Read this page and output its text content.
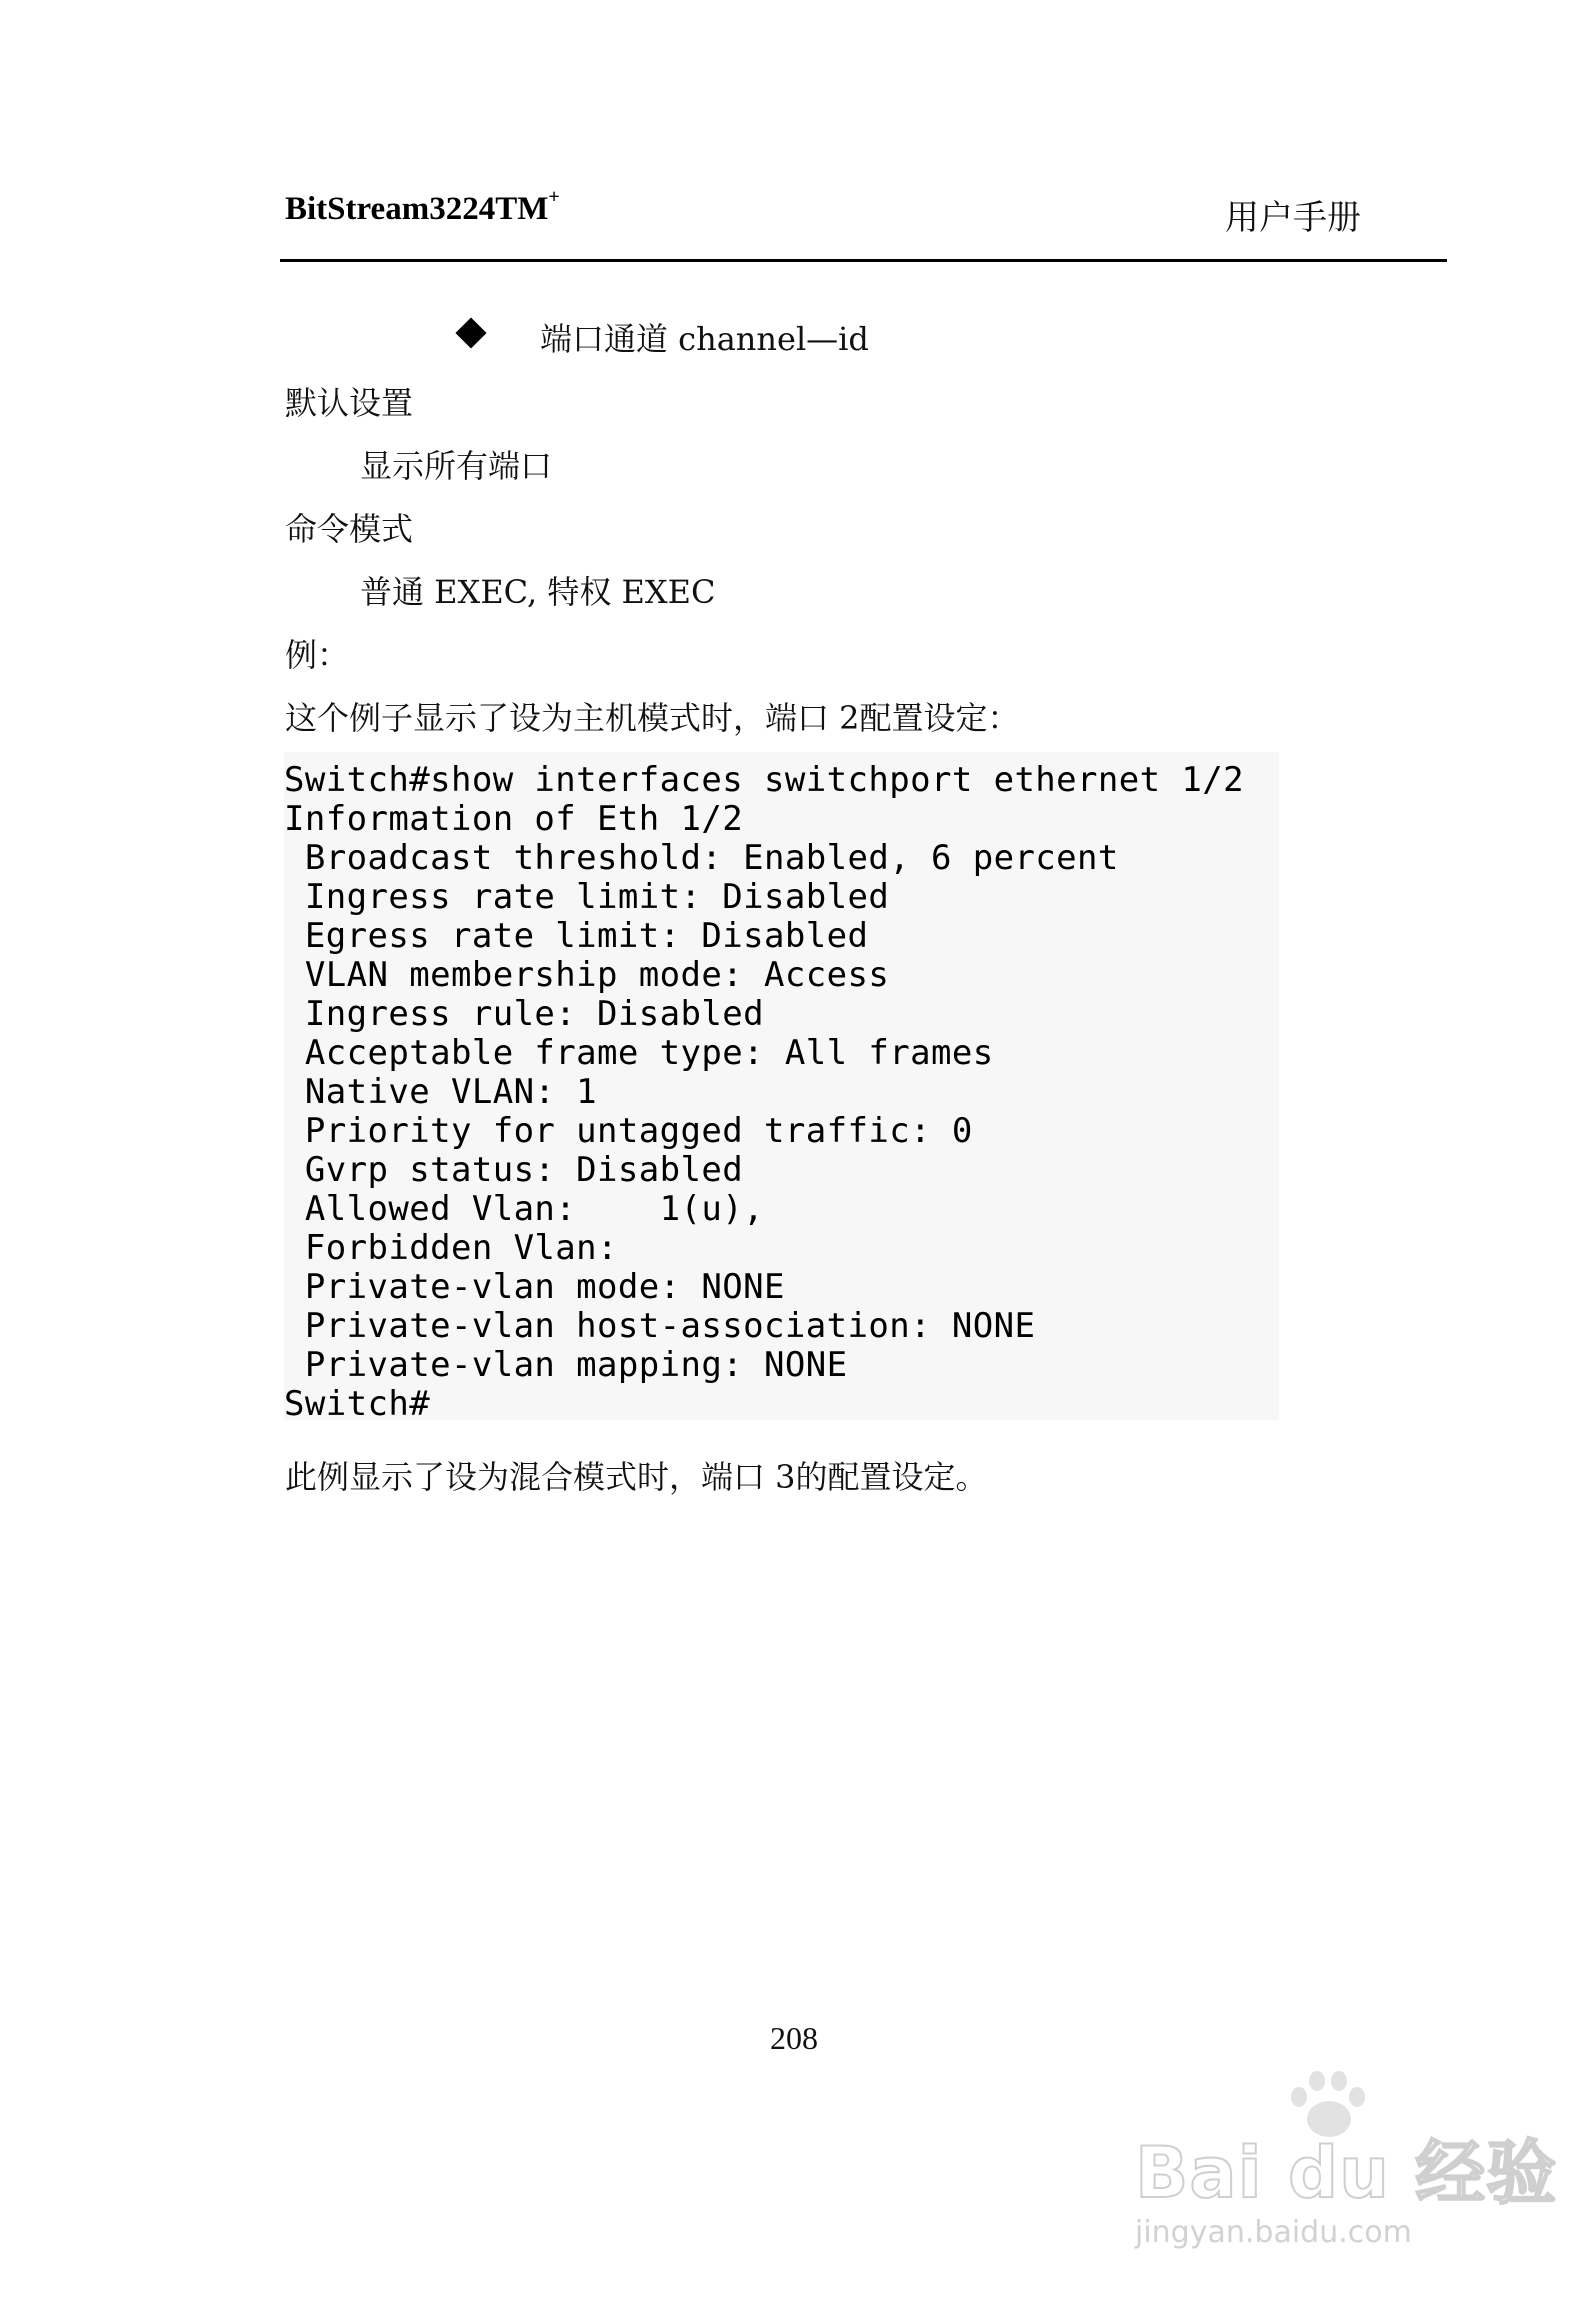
BitStream3224TM+
用户手册
端口通道 channel—id
默认设置
显示所有端口
命令模式
普通 EXEC, 特权 EXEC
例：
这个例子显示了设为主机模式时，端口 2配置设定：
Switch#show interfaces switchport ethernet 1/2
Information of Eth 1/2
Broadcast threshold: Enabled, 6 percent
Ingress rate limit: Disabled
Egress rate limit: Disabled
VLAN membership mode: Access
Ingress rule: Disabled
Acceptable frame type: All frames
Native VLAN: 1
Priority for untagged traffic: 0
Gvrp status: Disabled
Allowed Vlan:    1(u),
Forbidden Vlan:
Private-vlan mode: NONE
Private-vlan host-association: NONE
Private-vlan mapping: NONE
Switch#
此例显示了设为混合模式时，端口 3的配置设定。
208
Bai du 经验
jingyan.baidu.com
